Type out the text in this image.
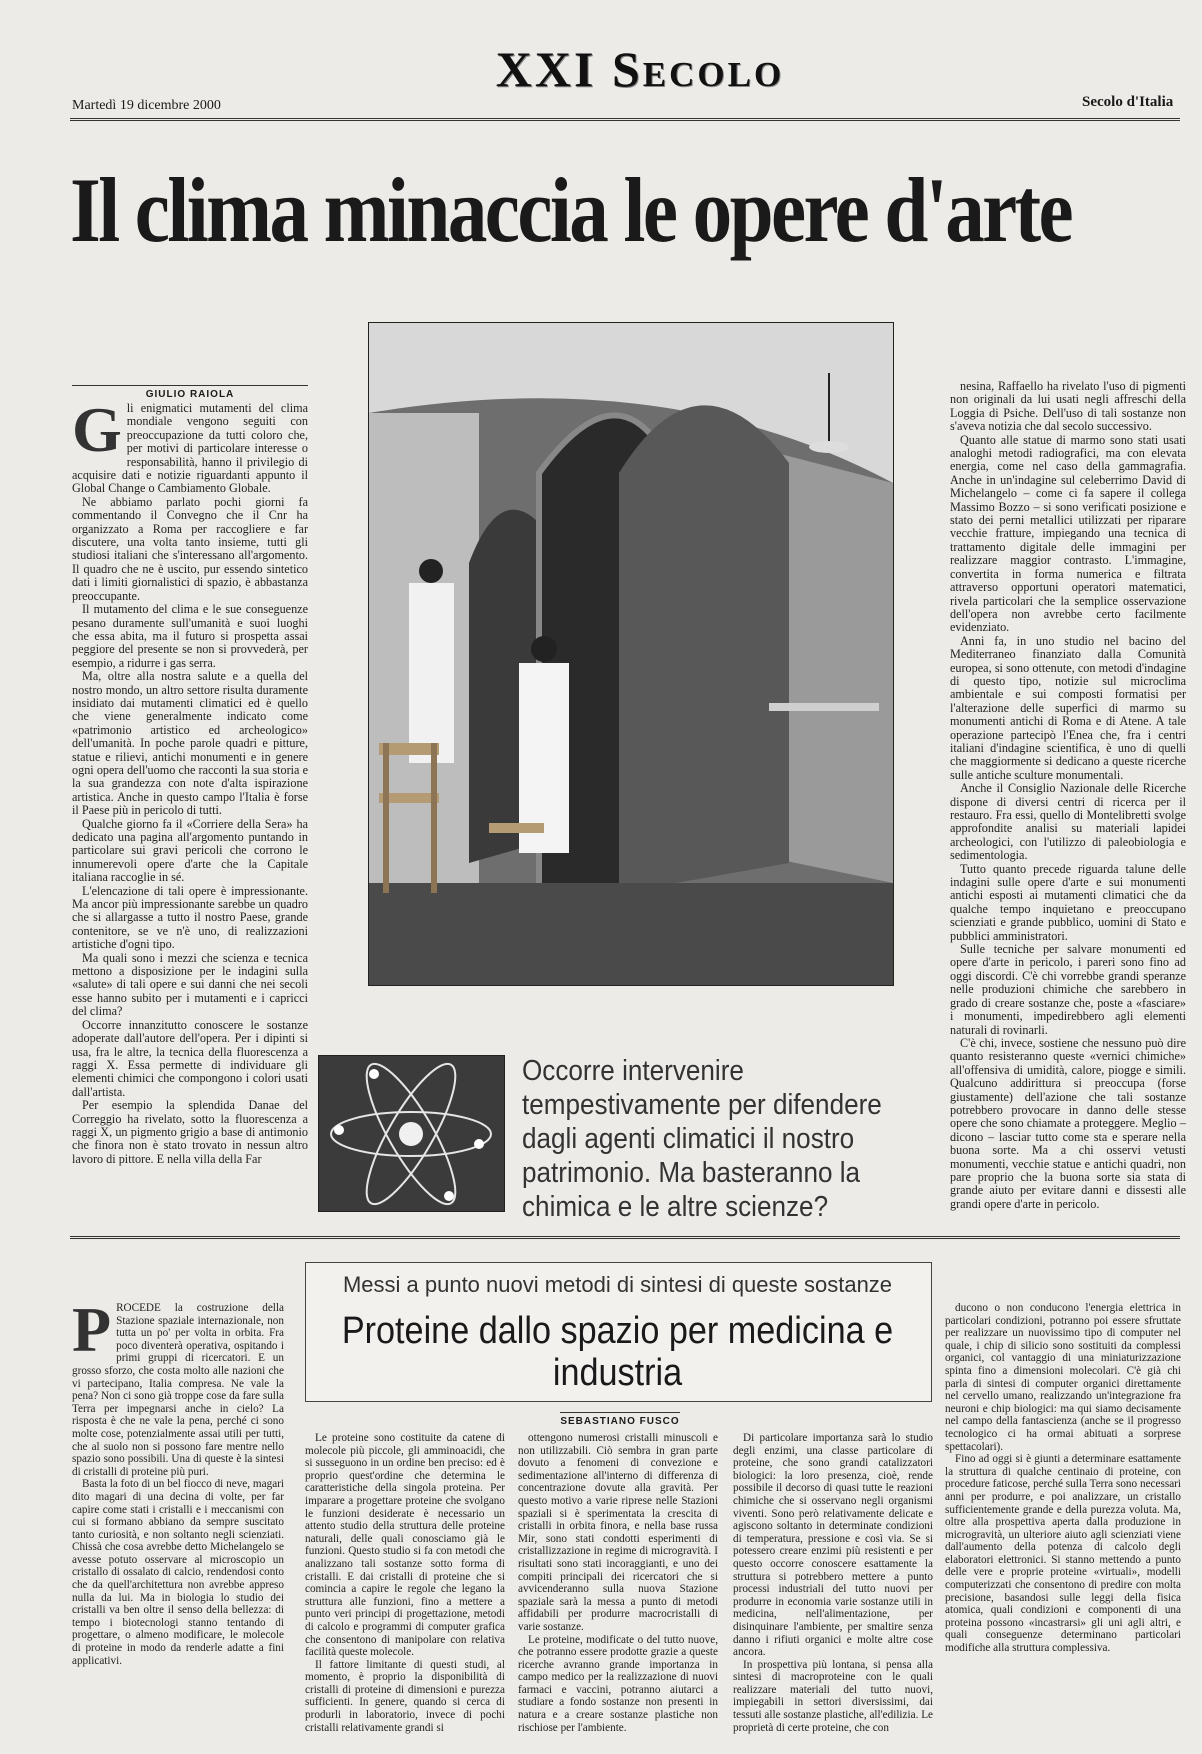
XXI Secolo
Martedì 19 dicembre 2000	Secolo d'Italia
Il clima minaccia le opere d'arte
GIULIO RAIOLA
G li enigmatici mutamenti del clima mondiale vengono seguiti con preoccupazione da tutti coloro che, per motivi di particolare interesse o responsabilità, hanno il privilegio di acquisire dati e notizie riguardanti appunto il Global Change o Cambiamento Globale.

Ne abbiamo parlato pochi giorni fa commentando il Convegno che il Cnr ha organizzato a Roma per raccogliere e far discutere, una volta tanto insieme, tutti gli studiosi italiani che s'interessano all'argomento. Il quadro che ne è uscito, pur essendo sintetico dati i limiti giornalistici di spazio, è abbastanza preoccupante.

Il mutamento del clima e le sue conseguenze pesano duramente sull'umanità e suoi luoghi che essa abita, ma il futuro si prospetta assai peggiore del presente se non si provvederà, per esempio, a ridurre i gas serra.

Ma, oltre alla nostra salute e a quella del nostro mondo, un altro settore risulta duramente insidiato dai mutamenti climatici ed è quello che viene generalmente indicato come «patrimonio artistico ed archeologico» dell'umanità. In poche parole quadri e pitture, statue e rilievi, antichi monumenti e in genere ogni opera dell'uomo che racconti la sua storia e la sua grandezza con note d'alta ispirazione artistica. Anche in questo campo l'Italia è forse il Paese più in pericolo di tutti.

Qualche giorno fa il «Corriere della Sera» ha dedicato una pagina all'argomento puntando in particolare sui gravi pericoli che corrono le innumerevoli opere d'arte che la Capitale italiana raccoglie in sé.

L'elencazione di tali opere è impressionante. Ma ancor più impressionante sarebbe un quadro che si allargasse a tutto il nostro Paese, grande contenitore, se ve n'è uno, di realizzazioni artistiche d'ogni tipo.

Ma quali sono i mezzi che scienza e tecnica mettono a disposizione per le indagini sulla «salute» di tali opere e sui danni che nei secoli esse hanno subito per i mutamenti e i capricci del clima?

Occorre innanzitutto conoscere le sostanze adoperate dall'autore dell'opera. Per i dipinti si usa, fra le altre, la tecnica della fluorescenza a raggi X. Essa permette di individuare gli elementi chimici che compongono i colori usati dall'artista.

Per esempio la splendida Danae del Correggio ha rivelato, sotto la fluorescenza a raggi X, un pigmento grigio a base di antimonio che finora non è stato trovato in nessun altro lavoro di pittore. E nella villa della Far

nesina, Raffaello ha rivelato l'uso di pigmenti non originali da lui usati negli affreschi della Loggia di Psiche. Dell'uso di tali sostanze non s'aveva notizia che dal secolo successivo.

Quanto alle statue di marmo sono stati usati analoghi metodi radiografici, ma con elevata energia, come nel caso della gammagrafia. Anche in un'indagine sul celeberrimo David di Michelangelo – come ci fa sapere il collega Massimo Bozzo – si sono verificati posizione e stato dei perni metallici utilizzati per riparare vecchie fratture, impiegando una tecnica di trattamento digitale delle immagini per realizzare maggior contrasto. L'immagine, convertita in forma numerica e filtrata attraverso opportuni operatori matematici, rivela particolari che la semplice osservazione dell'opera non avrebbe certo facilmente evidenziato.

Anni fa, in uno studio nel bacino del Mediterraneo finanziato dalla Comunità europea, si sono ottenute, con metodi d'indagine di questo tipo, notizie sul microclima ambientale e sui composti formatisi per l'alterazione delle superfici di marmo su monumenti antichi di Roma e di Atene. A tale operazione partecipò l'Enea che, fra i centri italiani d'indagine scientifica, è uno di quelli che maggiormente si dedicano a queste ricerche sulle antiche sculture monumentali.

Anche il Consiglio Nazionale delle Ricerche dispone di diversi centri di ricerca per il restauro. Fra essi, quello di Montelibretti svolge approfondite analisi su materiali lapidei archeologici, con l'utilizzo di paleobiologia e sedimentologia.

Tutto quanto precede riguarda talune delle indagini sulle opere d'arte e sui monumenti antichi esposti ai mutamenti climatici che da qualche tempo inquietano e preoccupano scienziati e grande pubblico, uomini di Stato e pubblici amministratori.

Sulle tecniche per salvare monumenti ed opere d'arte in pericolo, i pareri sono fino ad oggi discordi. C'è chi vorrebbe grandi speranze nelle produzioni chimiche che sarebbero in grado di creare sostanze che, poste a «fasciare» i monumenti, impedirebbero agli elementi naturali di rovinarli.

C'è chi, invece, sostiene che nessuno può dire quanto resisteranno queste «vernici chimiche» all'offensiva di umidità, calore, piogge e simili. Qualcuno addirittura si preoccupa (forse giustamente) dell'azione che tali sostanze potrebbero provocare in danno delle stesse opere che sono chiamate a proteggere. Meglio – dicono – lasciar tutto come sta e sperare nella buona sorte. Ma a chi osservi vetusti monumenti, vecchie statue e antichi quadri, non pare proprio che la buona sorte sia stata di grande aiuto per evitare danni e dissesti alle grandi opere d'arte in pericolo.

Occorre intervenire tempestivamente per difendere dagli agenti climatici il nostro patrimonio. Ma basteranno la chimica e le altre scienze?
Messi a punto nuovi metodi di sintesi di queste sostanze
Proteine dallo spazio per medicina e industria
SEBASTIANO FUSCO
P ROCEDE la costruzione della Stazione spaziale internazionale, non tutta un po' per volta in orbita. Fra poco diventerà operativa, ospitando i primi gruppi di ricercatori. E un grosso sforzo, che costa molto alle nazioni che vi partecipano, Italia compresa. Ne vale la pena? Non ci sono già troppe cose da fare sulla Terra per impegnarsi anche in cielo? La risposta è che ne vale la pena, perché ci sono molte cose, potenzialmente assai utili per tutti, che al suolo non si possono fare mentre nello spazio sono possibili. Una di queste è la sintesi di cristalli di proteine più puri.

Basta la foto di un bel fiocco di neve, magari dito magari di una decina di volte, per far capire come stati i cristalli e i meccanismi con cui si formano abbiano da sempre suscitato tanto curiosità, e non soltanto negli scienziati. Chissà che cosa avrebbe detto Michelangelo se avesse potuto osservare al microscopio un cristallo di ossalato di calcio, rendendosi conto che da quell'architettura non avrebbe appreso nulla da lui. Ma in biologia lo studio dei cristalli va ben oltre il senso della bellezza: di tempo i biotecnologi stanno tentando di progettare, o almeno modificare, le molecole di proteine in modo da renderle adatte a fini applicativi.

Le proteine sono costituite da catene di molecole più piccole, gli amminoacidi, che si susseguono in un ordine ben preciso: ed è proprio quest'ordine che determina le caratteristiche della singola proteina. Per imparare a progettare proteine che svolgano le funzioni desiderate è necessario un attento studio della struttura delle proteine naturali, delle quali conosciamo già le funzioni. Questo studio si fa con metodi che analizzano tali sostanze sotto forma di cristalli. E dai cristalli di proteine che si comincia a capire le regole che legano la struttura alle funzioni, fino a mettere a punto veri principi di progettazione, metodi di calcolo e programmi di computer grafica che consentono di manipolare con relativa facilità queste molecole.

Il fattore limitante di questi studi, al momento, è proprio la disponibilità di cristalli di proteine di dimensioni e purezza sufficienti. In genere, quando si cerca di produrli in laboratorio, invece di pochi cristalli relativamente grandi si

ottengono numerosi cristalli minuscoli e non utilizzabili. Ciò sembra in gran parte dovuto a fenomeni di convezione e sedimentazione all'interno di differenza di concentrazione dovute alla gravità. Per questo motivo a varie riprese nelle Stazioni spaziali si è sperimentata la crescita di cristalli in orbita finora, e nella base russa Mir, sono stati condotti esperimenti di cristallizzazione in regime di microgravità. I risultati sono stati incoraggianti, e uno dei compiti principali dei ricercatori che si avvicenderanno sulla nuova Stazione spaziale sarà la messa a punto di metodi affidabili per produrre macrocristalli di varie sostanze.

Le proteine, modificate o del tutto nuove, che potranno essere prodotte grazie a queste ricerche avranno grande importanza in campo medico per la realizzazione di nuovi farmaci e vaccini, potranno aiutarci a studiare a fondo sostanze non presenti in natura e a creare sostanze plastiche non rischiose per l'ambiente.

Di particolare importanza sarà lo studio degli enzimi, una classe particolare di proteine, che sono grandi catalizzatori biologici: la loro presenza, cioè, rende possibile il decorso di quasi tutte le reazioni chimiche che si osservano negli organismi viventi. Sono però relativamente delicate e agiscono soltanto in determinate condizioni di temperatura, pressione e così via. Se si potessero creare enzimi più resistenti e per questo occorre conoscere esattamente la struttura si potrebbero mettere a punto processi industriali del tutto nuovi per produrre in economia varie sostanze utili in medicina, nell'alimentazione, per disinquinare l'ambiente, per smaltire senza danno i rifiuti organici e molte altre cose ancora.

In prospettiva più lontana, si pensa alla sintesi di macroproteine con le quali realizzare materiali del tutto nuovi, impiegabili in settori diversissimi, dai tessuti alle sostanze plastiche, all'edilizia. Le proprietà di certe proteine, che con

ducono o non conducono l'energia elettrica in particolari condizioni, potranno poi essere sfruttate per realizzare un nuovissimo tipo di computer nel quale, i chip di silicio sono sostituiti da complessi organici, col vantaggio di una miniaturizzazione spinta fino a dimensioni molecolari. C'è già chi parla di sintesi di computer organici direttamente nel cervello umano, realizzando un'integrazione fra neuroni e chip biologici: ma qui siamo decisamente nel campo della fantascienza (anche se il progresso tecnologico ci ha ormai abituati a sorprese spettacolari).

Fino ad oggi si è giunti a determinare esattamente la struttura di qualche centinaio di proteine, con procedure faticose, perché sulla Terra sono necessari anni per produrre, e poi analizzare, un cristallo sufficientemente grande e della purezza voluta. Ma, oltre alla prospettiva aperta dalla produzione in microgravità, un ulteriore aiuto agli scienziati viene dall'aumento della potenza di calcolo degli elaboratori elettronici. Si stanno mettendo a punto delle vere e proprie proteine «virtuali», modelli computerizzati che consentono di predire con molta precisione, basandosi sulle leggi della fisica atomica, quali condizioni e componenti di una proteina possono «incastrarsi» gli uni agli altri, e quali conseguenze determinano particolari modifiche alla struttura complessiva.
